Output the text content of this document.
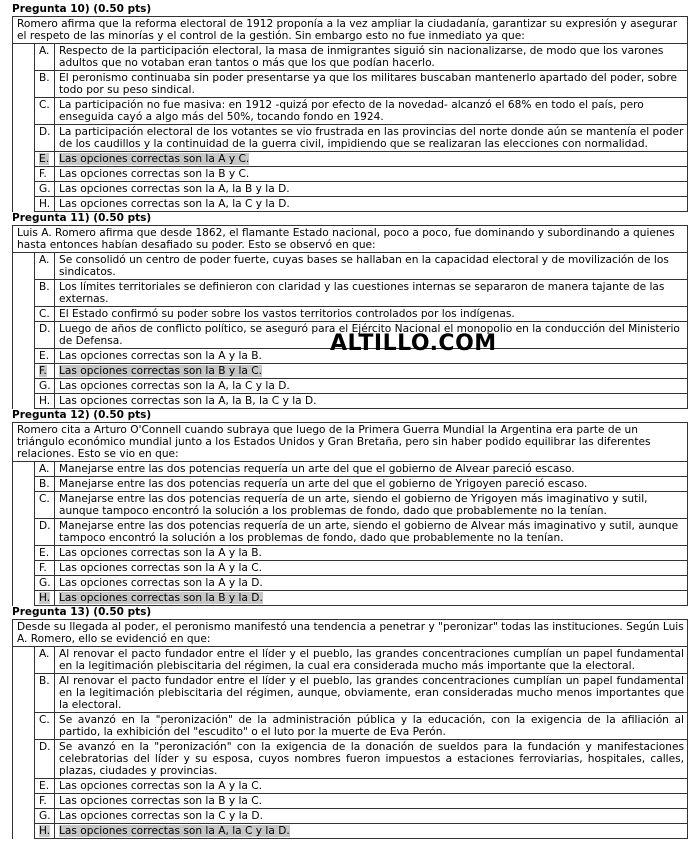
Pregunta 10) (0.50 pts)
Romero afirma que la reforma electoral de 1912 proponía a la vez ampliar la ciudadanía, garantizar su expresión y asegurar el respeto de las minorías y el control de la gestión. Sin embargo esto no fue inmediato ya que:		
	A.	Respecto de la participación electoral, la masa de inmigrantes siguió sin nacionalizarse, de modo que los varones adultos que no votaban eran tantos o más que los que podían hacerlo.
	B.	El peronismo continuaba sin poder presentarse ya que los militares buscaban mantenerlo apartado del poder, sobre todo por su peso sindical.
	C.	La participación no fue masiva: en 1912 -quizá por efecto de la novedad- alcanzó el 68% en todo el país, pero enseguida cayó a algo más del 50%, tocando fondo en 1924.
	D.	La participación electoral de los votantes se vio frustrada en las provincias del norte donde aún se mantenía el poder de los caudillos y la continuidad de la guerra civil, impidiendo que se realizaran las elecciones con normalidad.
	E.	Las opciones correctas son la A y C.
	F.	Las opciones correctas son la B y C.
	G.	Las opciones correctas son la A, la B y la D.
	H.	Las opciones correctas son la A, la C y la D.
Pregunta 11) (0.50 pts)
Luis A. Romero afirma que desde 1862, el flamante Estado nacional, poco a poco, fue dominando y subordinando a quienes hasta entonces habían desafiado su poder. Esto se observó en que:		
	A.	Se consolidó un centro de poder fuerte, cuyas bases se hallaban en la capacidad electoral y de movilización de los sindicatos.
	B.	Los límites territoriales se definieron con claridad y las cuestiones internas se separaron de manera tajante de las externas.
	C.	El Estado confirmó su poder sobre los vastos territorios controlados por los indígenas.
	D.	Luego de años de conflicto político, se aseguró para el Ejército Nacional el monopolio en la conducción del Ministerio de Defensa.
	E.	Las opciones correctas son la A y la B.
	F.	Las opciones correctas son la B y la C.
	G.	Las opciones correctas son la A, la C y la D.
	H.	Las opciones correctas son la A, la B, la C y la D.
Pregunta 12) (0.50 pts)
Romero cita a Arturo O'Connell cuando subraya que luego de la Primera Guerra Mundial la Argentina era parte de un triángulo económico mundial junto a los Estados Unidos y Gran Bretaña, pero sin haber podido equilibrar las diferentes relaciones. Esto se vio en que:		
	A.	Manejarse entre las dos potencias requería un arte del que el gobierno de Alvear pareció escaso.
	B.	Manejarse entre las dos potencias requería un arte del que el gobierno de Yrigoyen pareció escaso.
	C.	Manejarse entre las dos potencias requería de un arte, siendo el gobierno de Yrigoyen más imaginativo y sutil, aunque tampoco encontró la solución a los problemas de fondo, dado que probablemente no la tenían.
	D.	Manejarse entre las dos potencias requería de un arte, siendo el gobierno de Alvear más imaginativo y sutil, aunque tampoco encontró la solución a los problemas de fondo, dado que probablemente no la tenían.
	E.	Las opciones correctas son la A y la B.
	F.	Las opciones correctas son la A y la C.
	G.	Las opciones correctas son la A y la D.
	H.	Las opciones correctas son la B y la D.
Pregunta 13) (0.50 pts)
Desde su llegada al poder, el peronismo manifestó una tendencia a penetrar y "peronizar" todas las instituciones. Según Luis A. Romero, ello se evidenció en que:		
	A.	Al renovar el pacto fundador entre el líder y el pueblo, las grandes concentraciones cumplían un papel fundamental en la legitimación plebiscitaria del régimen, la cual era considerada mucho más importante que la electoral.
	B.	Al renovar el pacto fundador entre el líder y el pueblo, las grandes concentraciones cumplían un papel fundamental en la legitimación plebiscitaria del régimen, aunque, obviamente, eran consideradas mucho menos importantes que la electoral.
	C.	Se avanzó en la "peronización" de la administración pública y la educación, con la exigencia de la afiliación al partido, la exhibición del "escudito" o el luto por la muerte de Eva Perón.
	D.	Se avanzó en la "peronización" con la exigencia de la donación de sueldos para la fundación y manifestaciones celebratorias del líder y su esposa, cuyos nombres fueron impuestos a estaciones ferroviarias, hospitales, calles, plazas, ciudades y provincias.
	E.	Las opciones correctas son la A y la C.
	F.	Las opciones correctas son la B y la C.
	G.	Las opciones correctas son la C y la D.
	H.	Las opciones correctas son la A, la C y la D.
ALTILLO.COM
